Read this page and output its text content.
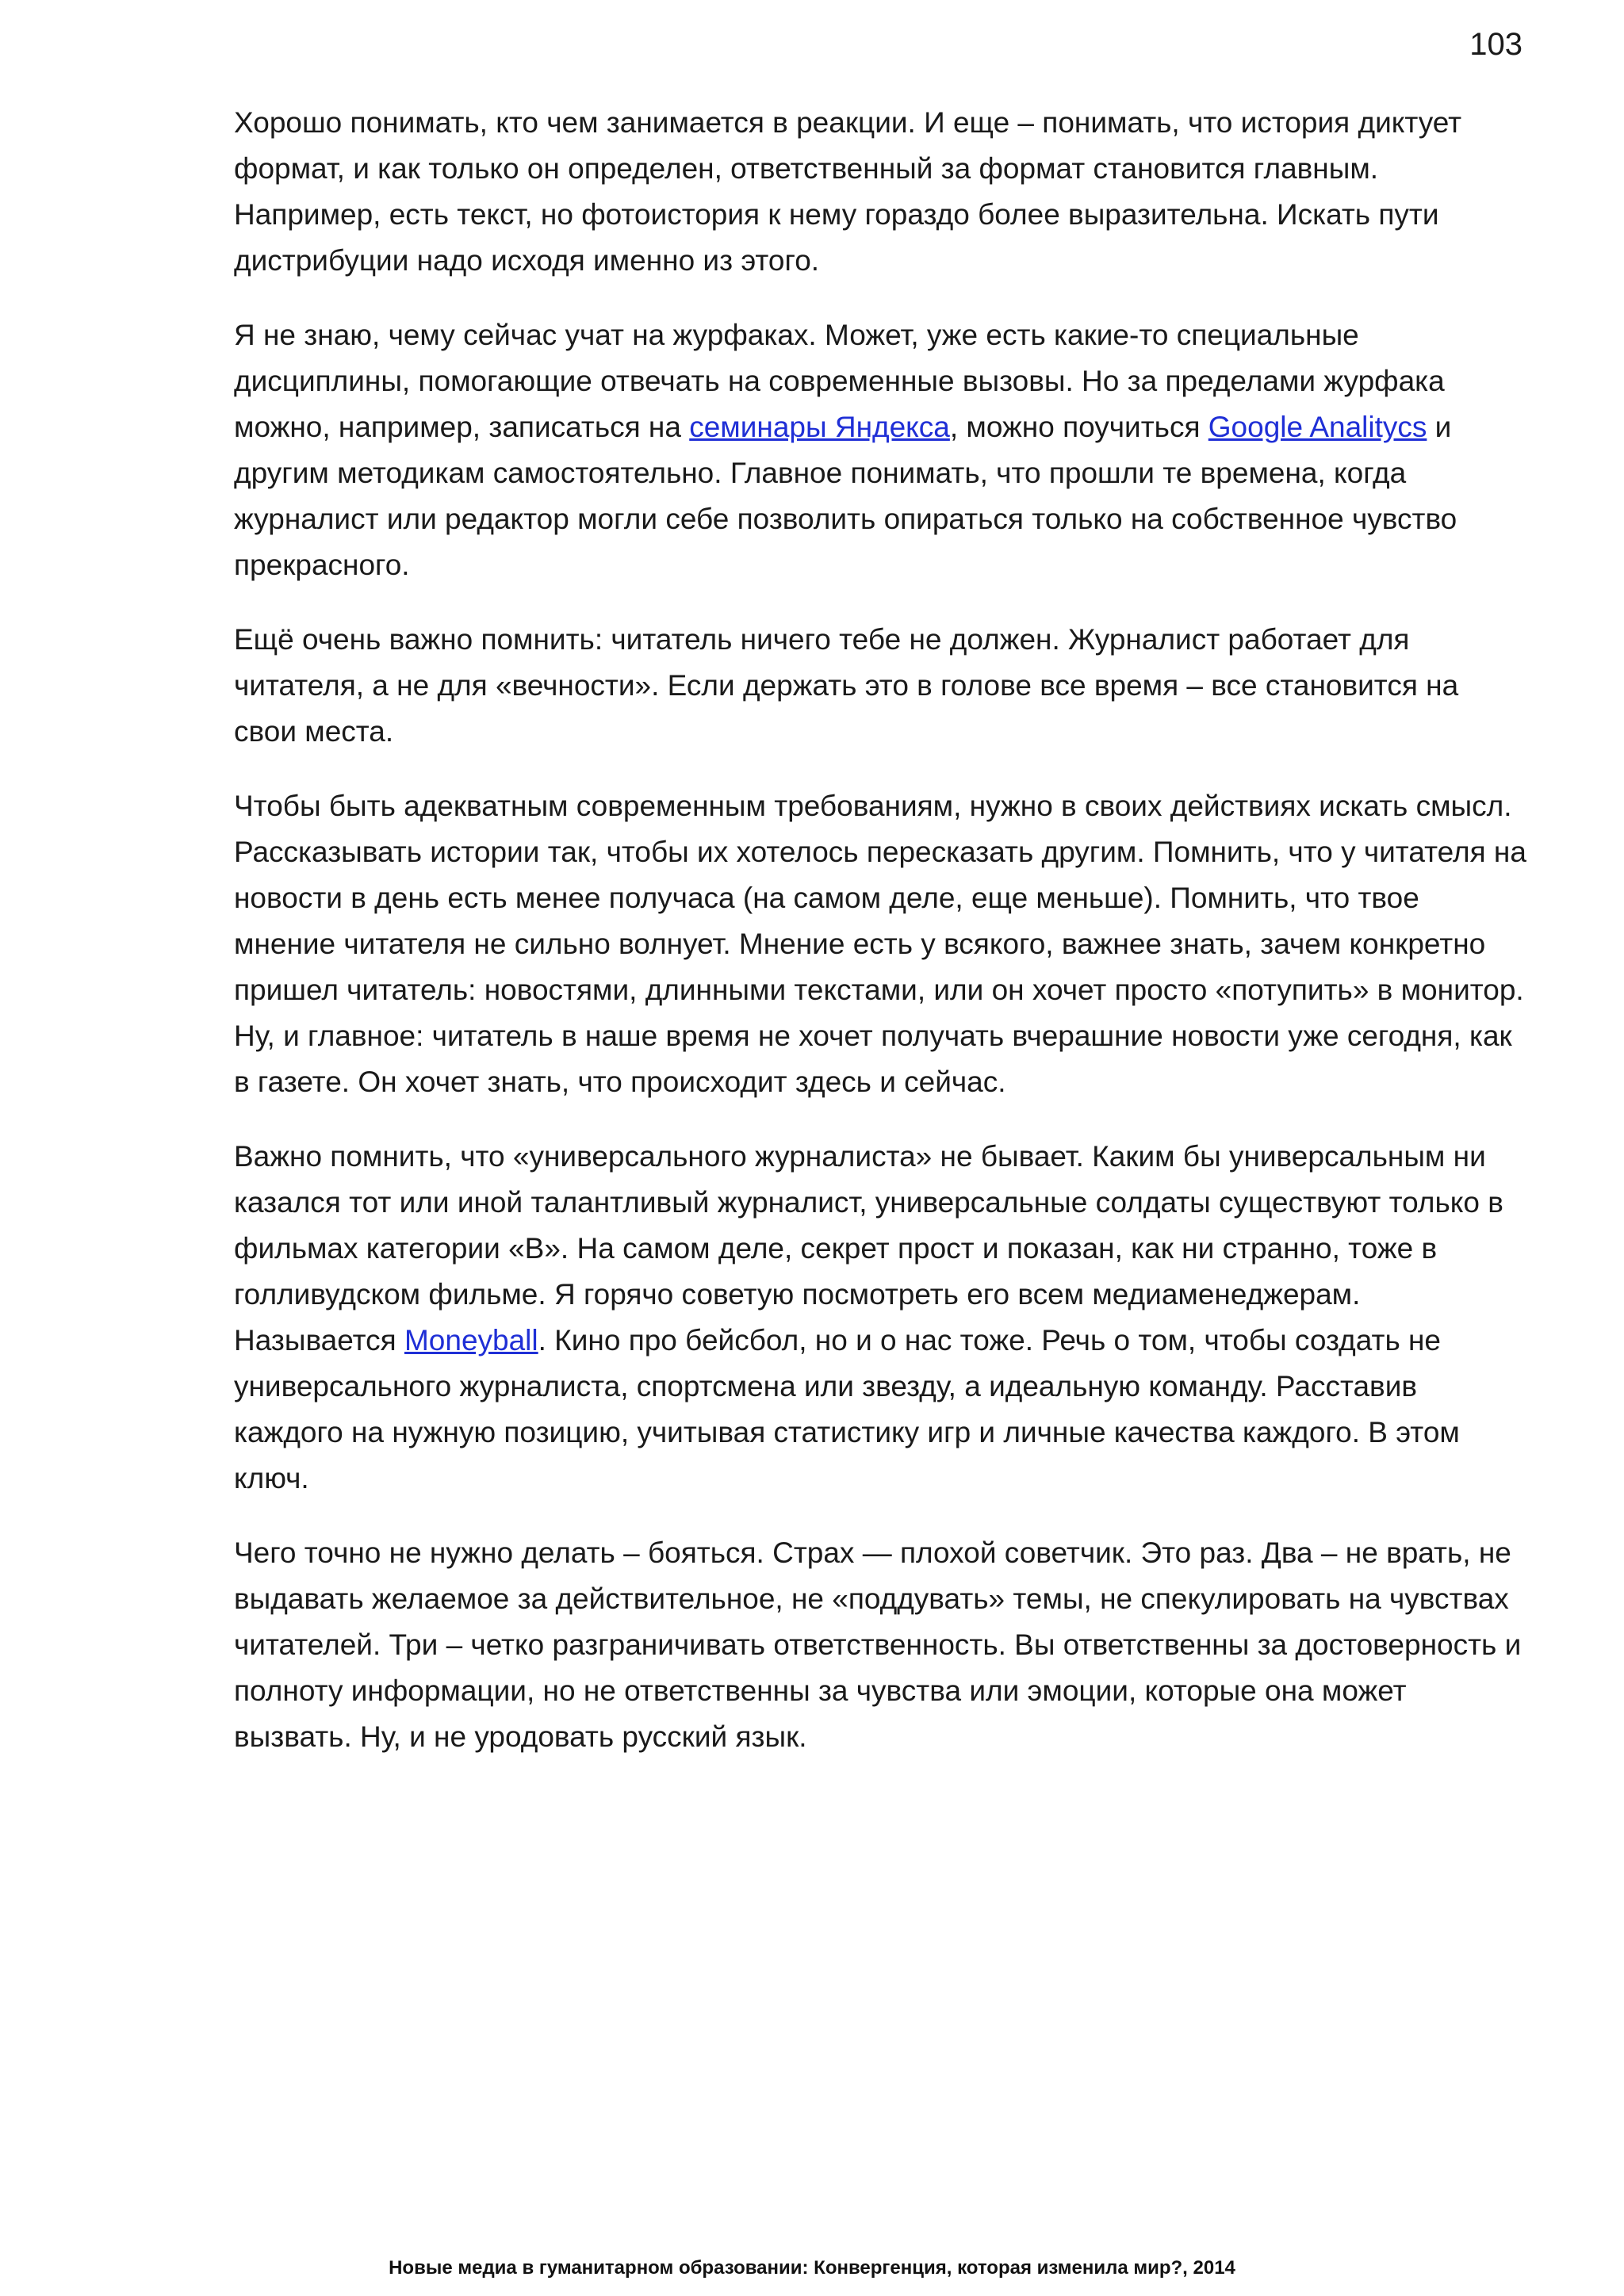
103

Хорошо понимать, кто чем занимается в реакции. И еще – понимать, что история диктует формат, и как только он определен, ответственный за формат становится главным. Например, есть текст, но фотоистория к нему гораздо более выразительна. Искать пути дистрибуции надо исходя именно из этого.

Я не знаю, чему сейчас учат на журфаках. Может, уже есть какие-то специальные дисциплины, помогающие отвечать на современные вызовы. Но за пределами журфака можно, например, записаться на семинары Яндекса, можно поучиться Google Analitycs и другим методикам самостоятельно. Главное понимать, что прошли те времена, когда журналист или редактор могли себе позволить опираться только на собственное чувство прекрасного.

Ещё очень важно помнить: читатель ничего тебе не должен. Журналист работает для читателя, а не для «вечности». Если держать это в голове все время – все становится на свои места.

Чтобы быть адекватным современным требованиям, нужно в своих действиях искать смысл. Рассказывать истории так, чтобы их хотелось пересказать другим. Помнить, что у читателя на новости в день есть менее получаса (на самом деле, еще меньше). Помнить, что твое мнение читателя не сильно волнует. Мнение есть у всякого, важнее знать, зачем конкретно пришел читатель: новостями, длинными текстами, или он хочет просто «потупить» в монитор. Ну, и главное: читатель в наше время не хочет получать вчерашние новости уже сегодня, как в газете. Он хочет знать, что происходит здесь и сейчас.

Важно помнить, что «универсального журналиста» не бывает. Каким бы универсальным ни казался тот или иной талантливый журналист, универсальные солдаты существуют только в фильмах категории «В». На самом деле, секрет прост и показан, как ни странно, тоже в голливудском фильме. Я горячо советую посмотреть его всем медиаменеджерам. Называется Moneyball. Кино про бейсбол, но и о нас тоже. Речь о том, чтобы создать не универсального журналиста, спортсмена или звезду, а идеальную команду. Расставив каждого на нужную позицию, учитывая статистику игр и личные качества каждого. В этом ключ.

Чего точно не нужно делать – бояться. Страх — плохой советчик. Это раз. Два – не врать, не выдавать желаемое за действительное, не «поддувать» темы, не спекулировать на чувствах читателей. Три – четко разграничивать ответственность. Вы ответственны за достоверность и полноту информации, но не ответственны за чувства или эмоции, которые она может вызвать. Ну, и не уродовать русский язык.

Новые медиа в гуманитарном образовании: Конвергенция, которая изменила мир?, 2014
